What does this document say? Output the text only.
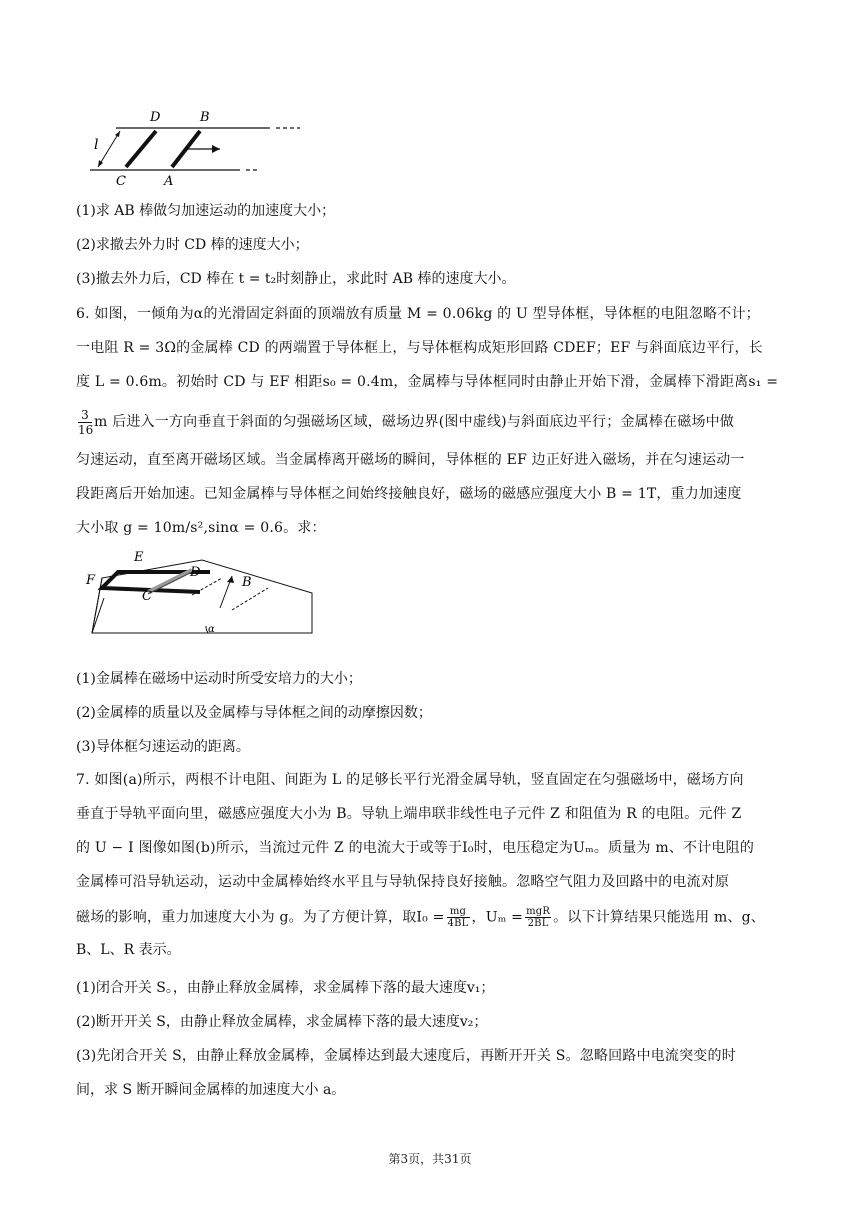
l
D	B
C	A
(1)求 AB 棒做匀加速运动的加速度大小；
(2)求撤去外力时 CD 棒的速度大小；
(3)撤去外力后，CD 棒在 t = t₂时刻静止，求此时 AB 棒的速度大小。
6. 如图，一倾角为α的光滑固定斜面的顶端放有质量 M = 0.06kg 的 U 型导体框，导体框的电阻忽略不计；
一电阻 R = 3Ω的金属棒 CD 的两端置于导体框上，与导体框构成矩形回路 CDEF；EF 与斜面底边平行，长
度 L = 0.6m。初始时 CD 与 EF 相距s₀ = 0.4m，金属棒与导体框同时由静止开始下滑，金属棒下滑距离s₁ =
$\frac{3}{16}$ m 后进入一方向垂直于斜面的匀强磁场区域，磁场边界(图中虚线)与斜面底边平行；金属棒在磁场中做
匀速运动，直至离开磁场区域。当金属棒离开磁场的瞬间，导体框的 EF 边正好进入磁场，并在匀速运动一
段距离后开始加速。已知金属棒与导体框之间始终接触良好，磁场的磁感应强度大小 B = 1T，重力加速度
大小取 g = 10m/s²,sinα = 0.6。求：
E
F
D
C
B
α
(1)金属棒在磁场中运动时所受安培力的大小；
(2)金属棒的质量以及金属棒与导体框之间的动摩擦因数；
(3)导体框匀速运动的距离。
7. 如图(a)所示，两根不计电阻、间距为 L 的足够长平行光滑金属导轨，竖直固定在匀强磁场中，磁场方向
垂直于导轨平面向里，磁感应强度大小为 B。导轨上端串联非线性电子元件 Z 和阻值为 R 的电阻。元件 Z
的 U − I 图像如图(b)所示，当流过元件 Z 的电流大于或等于I₀时，电压稳定为Uₘ。质量为 m、不计电阻的
金属棒可沿导轨运动，运动中金属棒始终水平且与导轨保持良好接触。忽略空气阻力及回路中的电流对原
磁场的影响，重力加速度大小为 g。为了方便计算，取$I_0 = \frac{mg}{4BL}$ ，$U_m = \frac{\text{mgR}}{2BL}$ 。以下计算结果只能选用 m、g、
B、L、R 表示。
(1)闭合开关 S。，由静止释放金属棒，求金属棒下落的最大速度v₁；
(2)断开开关 S，由静止释放金属棒，求金属棒下落的最大速度v₂；
(3)先闭合开关 S，由静止释放金属棒，金属棒达到最大速度后，再断开开关 S。忽略回路中电流突变的时
间，求 S 断开瞬间金属棒的加速度大小 a。
第3页，共31页
